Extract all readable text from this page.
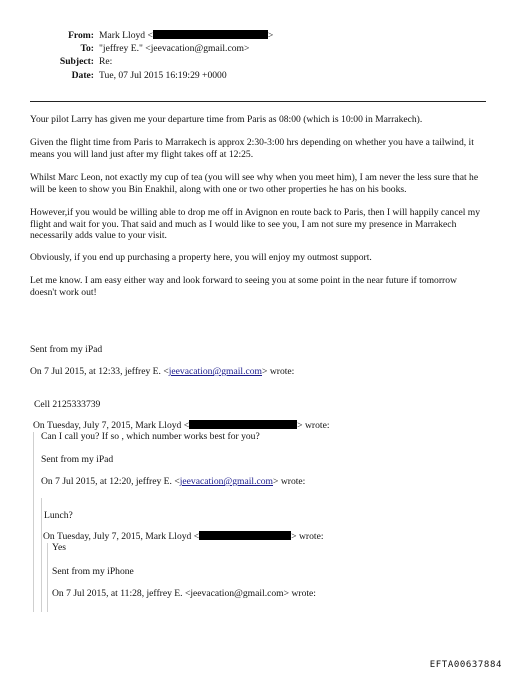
From: Mark Lloyd <	>
To: "jeffrey E." <jeevacation@gmail.com>
Subject: Re:
Date: Tue, 07 Jul 2015 16:19:29 +0000
Your pilot Larry has given me your departure time from Paris as 08:00 (which is 10:00 in Marrakech).
Given the flight time from Paris to Marrakech is approx 2:30-3:00 hrs depending on whether you have a tailwind, it means you will land just after my flight takes off at 12:25.
Whilst Marc Leon, not exactly my cup of tea (you will see why when you meet him), I am never the less sure that he will be keen to show you Bin Enakhil, along with one or two other properties he has on his books.
However,if you would be willing able to drop me off in Avignon en route back to Paris, then I will happily cancel my flight and wait for you. That said and much as I would like to see you, I am not sure my presence in Marrakech necessarily adds value to your visit.
Obviously, if you end up purchasing a property here, you will enjoy my outmost support.
Let me know. I am easy either way and look forward to seeing you at some point in the near future if tomorrow doesn't work out!
Sent from my iPad
On 7 Jul 2015, at 12:33, jeffrey E. <jeevacation@gmail.com> wrote:
Cell 2125333739
On Tuesday, July 7, 2015, Mark Lloyd <	> wrote:
Can I call you? If so , which number works best for you?
Sent from my iPad
On 7 Jul 2015, at 12:20, jeffrey E. <jeevacation@gmail.com> wrote:
Lunch?
On Tuesday, July 7, 2015, Mark Lloyd <	> wrote:
Yes
Sent from my iPhone
On 7 Jul 2015, at 11:28, jeffrey E. <jeevacation@gmail.com> wrote:
EFTA00637884
